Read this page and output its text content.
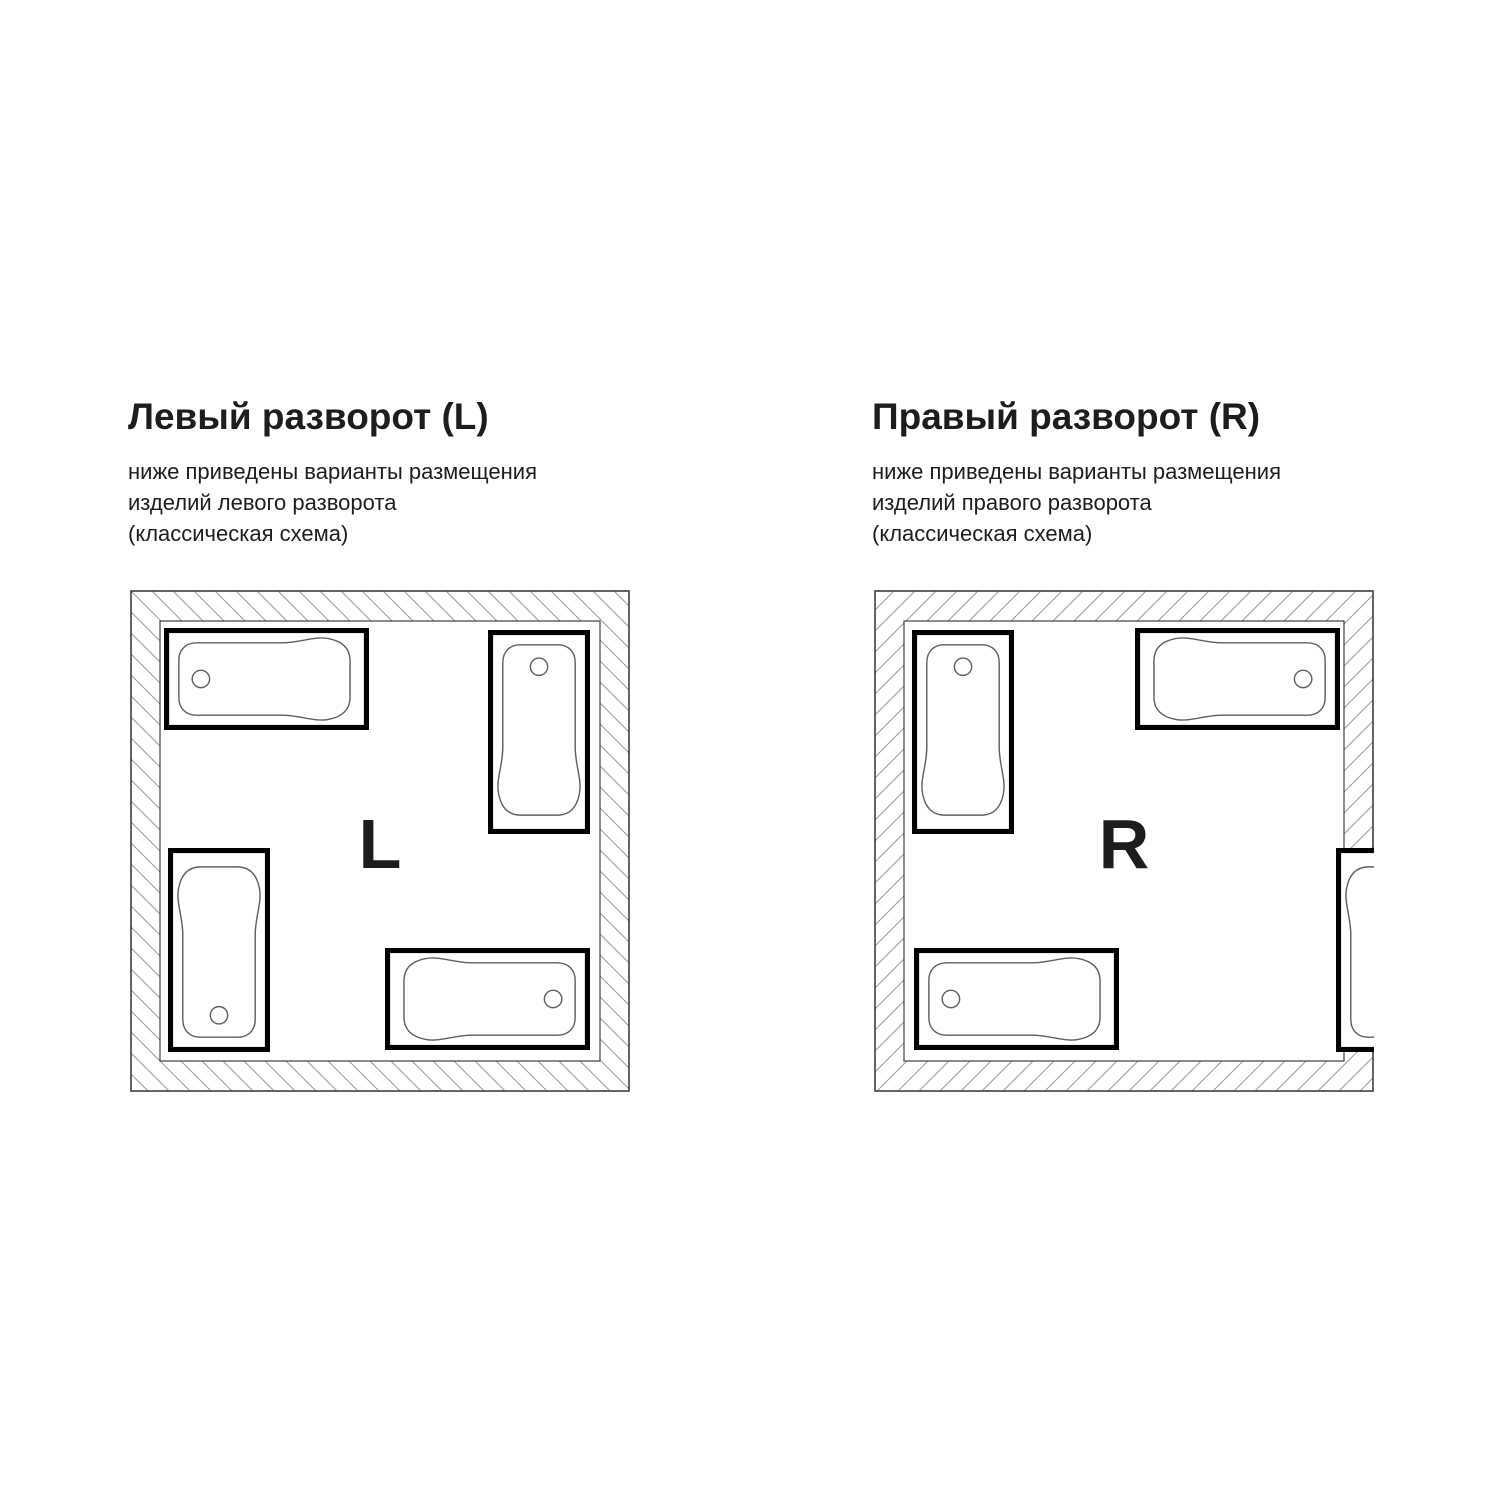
Левый разворот (L)
ниже приведены варианты размещения
изделий левого разворота
(классическая схема)
L
Правый разворот (R)
ниже приведены варианты размещения
изделий правого разворота
(классическая схема)
R
